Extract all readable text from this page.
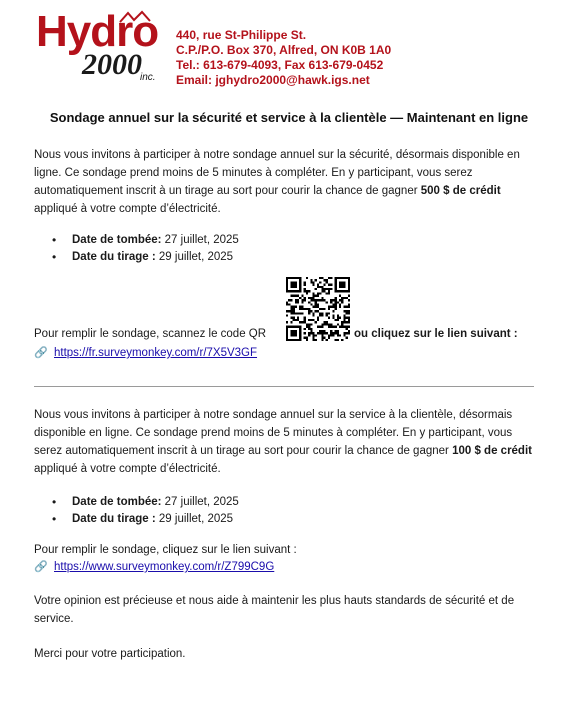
Hydro
2000
inc.
440, rue St-Philippe St.
C.P./P.O. Box 370, Alfred, ON K0B 1A0
Tel.: 613-679-4093, Fax 613-679-0452
Email: jghydro2000@hawk.igs.net
Sondage annuel sur la sécurité et service à la clientèle — Maintenant en ligne
Nous vous invitons à participer à notre sondage annuel sur la sécurité, désormais disponible en ligne. Ce sondage prend moins de 5 minutes à compléter. En y participant, vous serez automatiquement inscrit à un tirage au sort pour courir la chance de gagner 500 $ de crédit appliqué à votre compte d’électricité.
• Date de tombée: 27 juillet, 2025
• Date du tirage : 29 juillet, 2025
Pour remplir le sondage, scannez le code QR	ou cliquez sur le lien suivant :
🔗 https://fr.surveymonkey.com/r/7X5V3GF
Nous vous invitons à participer à notre sondage annuel sur la service à la clientèle, désormais disponible en ligne. Ce sondage prend moins de 5 minutes à compléter. En y participant, vous serez automatiquement inscrit à un tirage au sort pour courir la chance de gagner 100 $ de crédit appliqué à votre compte d’électricité.
• Date de tombée: 27 juillet, 2025
• Date du tirage : 29 juillet, 2025
Pour remplir le sondage, cliquez sur le lien suivant :
🔗 https://www.surveymonkey.com/r/Z799C9G
Votre opinion est précieuse et nous aide à maintenir les plus hauts standards de sécurité et de service.
Merci pour votre participation.
